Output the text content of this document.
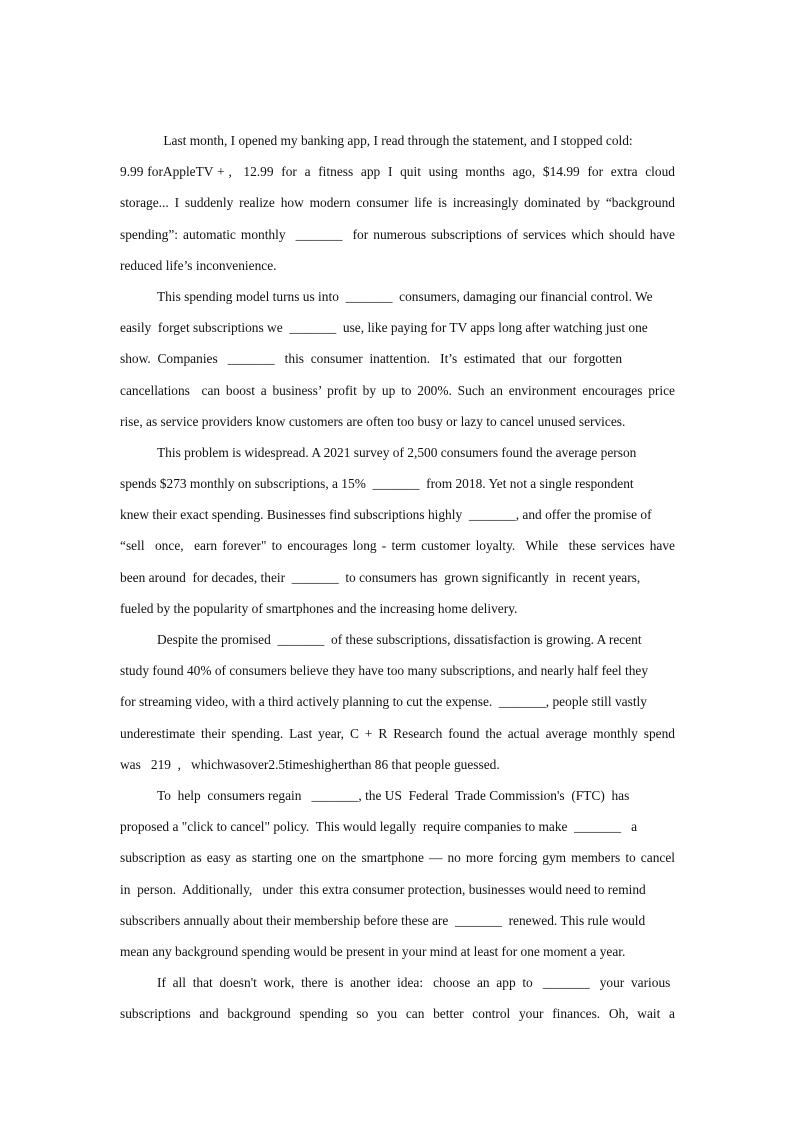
Last month, I opened my banking app, I read through the statement, and I stopped cold:
9.99 forAppleTV + ,   12.99  for  a  fitness  app  I  quit  using  months  ago,  $14.99  for  extra  cloud
storage... I suddenly realize how modern consumer life is increasingly dominated by “background
spending”: automatic monthly  _______  for numerous subscriptions of services which should have
reduced life’s inconvenience.
This spending model turns us into  _______  consumers, damaging our financial control. We
easily  forget subscriptions we  _______  use, like paying for TV apps long after watching just one
show.  Companies   _______   this  consumer  inattention.   It’s  estimated  that  our  forgotten
cancellations  can boost a business’ profit by up to 200%. Such an environment encourages price
rise, as service providers know customers are often too busy or lazy to cancel unused services.
This problem is widespread. A 2021 survey of 2,500 consumers found the average person
spends $273 monthly on subscriptions, a 15%  _______  from 2018. Yet not a single respondent
knew their exact spending. Businesses find subscriptions highly  _______, and offer the promise of
“sell  once,  earn forever" to encourages long - term customer loyalty.  While  these services have
been around  for decades, their  _______  to consumers has  grown significantly  in  recent years,
fueled by the popularity of smartphones and the increasing home delivery.
Despite the promised  _______  of these subscriptions, dissatisfaction is growing. A recent
study found 40% of consumers believe they have too many subscriptions, and nearly half feel they
for streaming video, with a third actively planning to cut the expense.  _______, people still vastly
underestimate their spending. Last year, C + R Research found the actual average monthly spend
was   219  ,   whichwasover2.5timeshigherthan 86 that people guessed.
To  help  consumers regain   _______, the US  Federal  Trade Commission's  (FTC)  has
proposed a "click to cancel" policy.  This would legally  require companies to make  _______   a
subscription as easy as starting one on the smartphone — no more forcing gym members to cancel
in  person.  Additionally,   under  this extra consumer protection, businesses would need to remind
subscribers annually about their membership before these are  _______  renewed. This rule would
mean any background spending would be present in your mind at least for one moment a year.
If  all  that  doesn't  work,  there  is  another  idea:   choose  an  app  to   _______   your  various
subscriptions  and  background  spending  so  you  can  better  control  your  finances.  Oh,  wait  a
